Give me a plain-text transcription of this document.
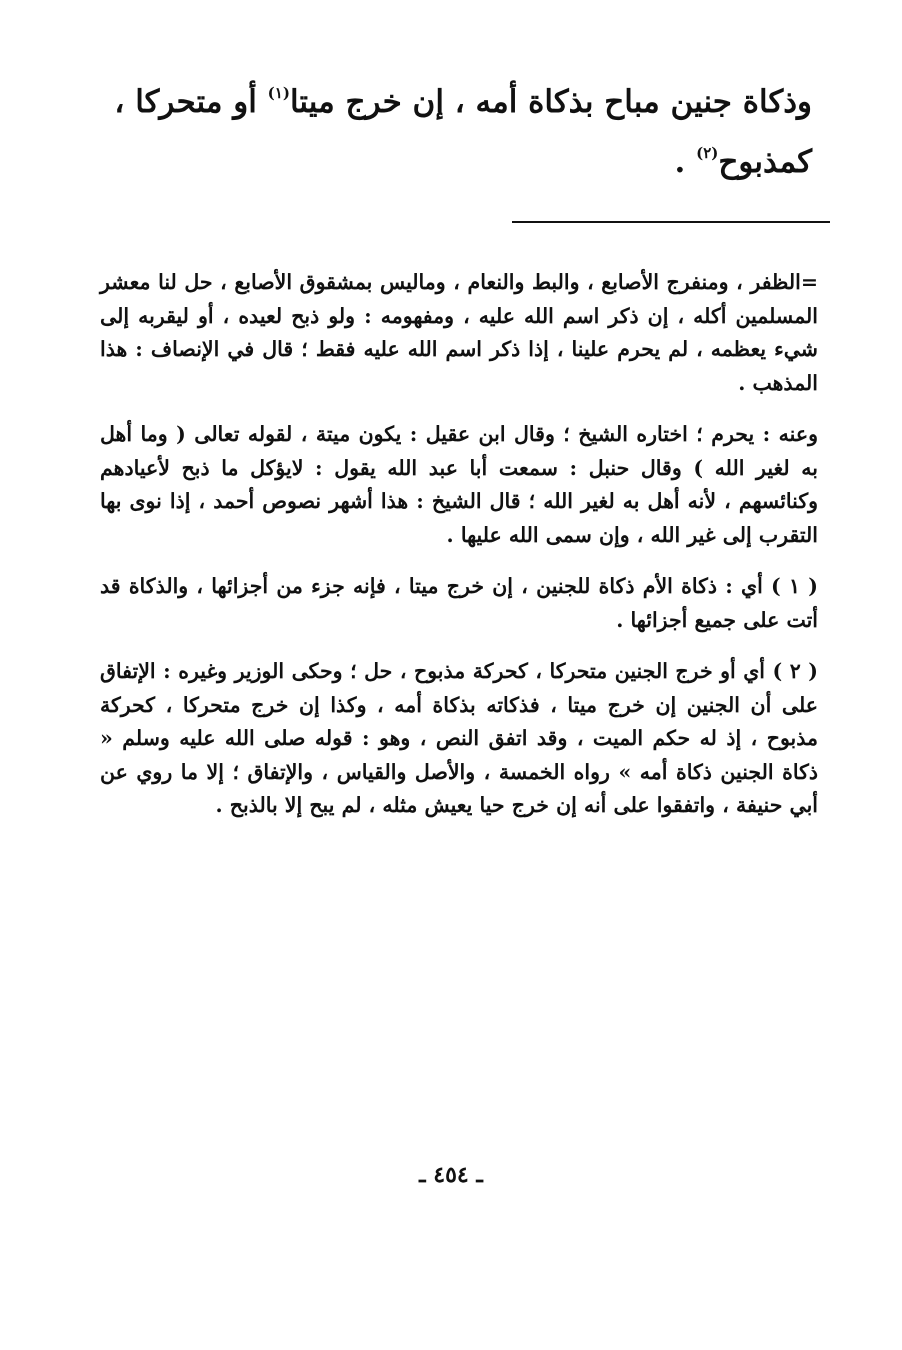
وذكاة جنين مباح بذكاة أمه ، إن خرج ميتا$^{(١)}$ أو متحركا ، كمذبوح$^{(٢)}$ .

=الظفر ، ومنفرج الأصابع ، والبط والنعام ، وماليس بمشقوق الأصابع ، حل لنا معشر المسلمين أكله ، إن ذكر اسم الله عليه ، ومفهومه : ولو ذبح لعيده ، أو ليقربه إلى شيء يعظمه ، لم يحرم علينا ، إذا ذكر اسم الله عليه فقط ؛ قال في الإنصاف : هذا المذهب .

وعنه : يحرم ؛ اختاره الشيخ ؛ وقال ابن عقيل : يكون ميتة ، لقوله تعالى ( وما أهل به لغير الله ) وقال حنبل : سمعت أبا عبد الله يقول : لايؤكل ما ذبح لأعيادهم وكنائسهم ، لأنه أهل به لغير الله ؛ قال الشيخ : هذا أشهر نصوص أحمد ، إذا نوى بها التقرب إلى غير الله ، وإن سمى الله عليها .

( ١ ) أي : ذكاة الأم ذكاة للجنين ، إن خرج ميتا ، فإنه جزء من أجزائها ، والذكاة قد أتت على جميع أجزائها .

( ٢ ) أي أو خرج الجنين متحركا ، كحركة مذبوح ، حل ؛ وحكى الوزير وغيره : الإتفاق على أن الجنين إن خرج ميتا ، فذكاته بذكاة أمه ، وكذا إن خرج متحركا ، كحركة مذبوح ، إذ له حكم الميت ، وقد اتفق النص ، وهو : قوله صلى الله عليه وسلم « ذكاة الجنين ذكاة أمه » رواه الخمسة ، والأصل والقياس ، والإتفاق ؛ إلا ما روي عن أبي حنيفة ، واتفقوا على أنه إن خرج حيا يعيش مثله ، لم يبح إلا بالذبح .

ـ ٤٥٤ ـ
